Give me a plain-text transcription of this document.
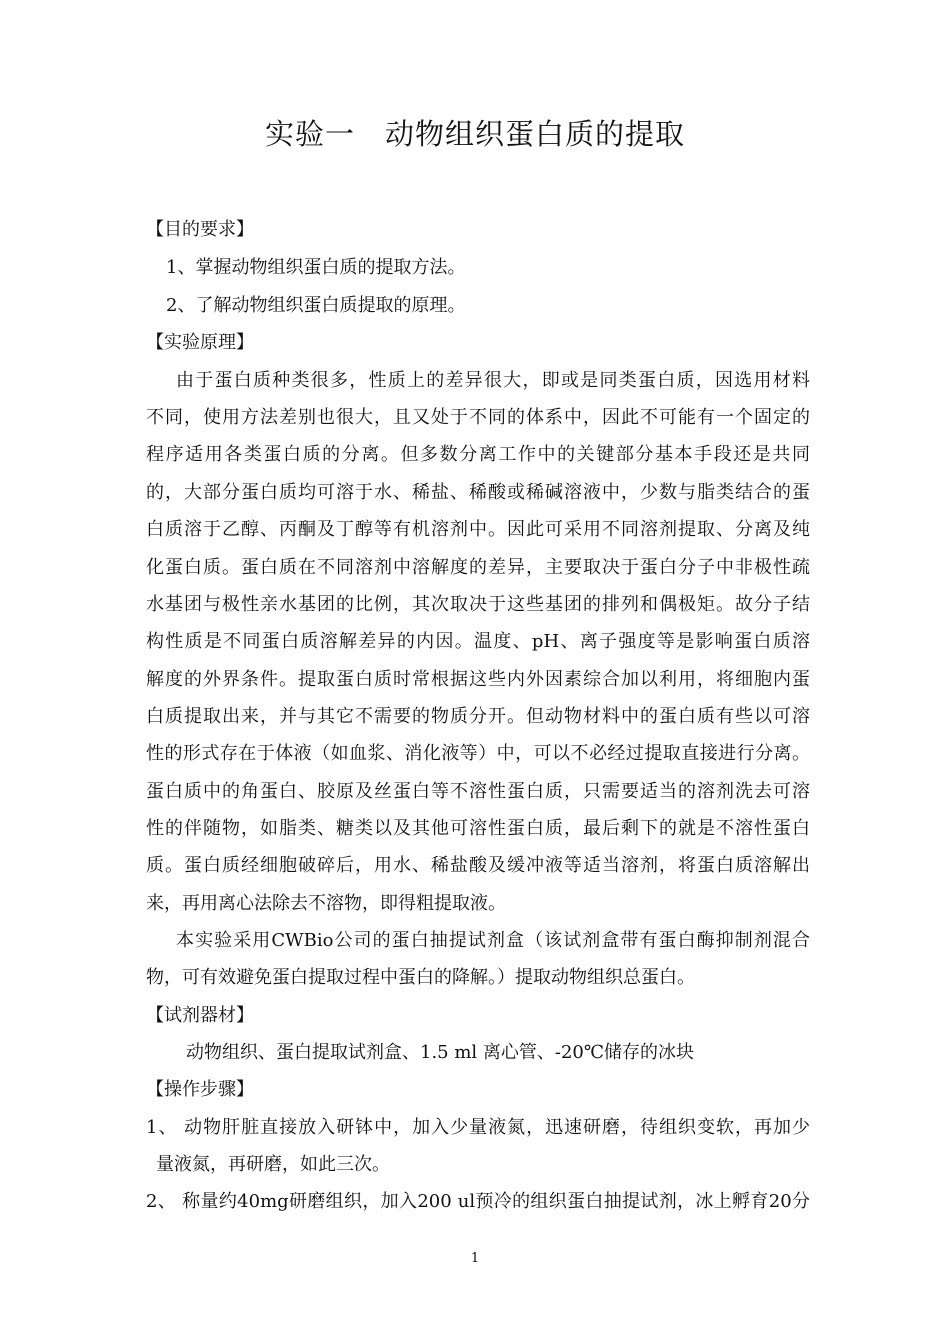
实验一　动物组织蛋白质的提取
【目的要求】
1、掌握动物组织蛋白质的提取方法。
2、了解动物组织蛋白质提取的原理。
【实验原理】
由于蛋白质种类很多，性质上的差异很大，即或是同类蛋白质，因选用材料
不同，使用方法差别也很大，且又处于不同的体系中，因此不可能有一个固定的
程序适用各类蛋白质的分离。但多数分离工作中的关键部分基本手段还是共同
的，大部分蛋白质均可溶于水、稀盐、稀酸或稀碱溶液中，少数与脂类结合的蛋
白质溶于乙醇、丙酮及丁醇等有机溶剂中。因此可采用不同溶剂提取、分离及纯
化蛋白质。蛋白质在不同溶剂中溶解度的差异，主要取决于蛋白分子中非极性疏
水基团与极性亲水基团的比例，其次取决于这些基团的排列和偶极矩。故分子结
构性质是不同蛋白质溶解差异的内因。温度、pH、离子强度等是影响蛋白质溶
解度的外界条件。提取蛋白质时常根据这些内外因素综合加以利用，将细胞内蛋
白质提取出来，并与其它不需要的物质分开。但动物材料中的蛋白质有些以可溶
性的形式存在于体液（如血浆、消化液等）中，可以不必经过提取直接进行分离。
蛋白质中的角蛋白、胶原及丝蛋白等不溶性蛋白质，只需要适当的溶剂洗去可溶
性的伴随物，如脂类、糖类以及其他可溶性蛋白质，最后剩下的就是不溶性蛋白
质。蛋白质经细胞破碎后，用水、稀盐酸及缓冲液等适当溶剂，将蛋白质溶解出
来，再用离心法除去不溶物，即得粗提取液。
本实验采用CWBio公司的蛋白抽提试剂盒（该试剂盒带有蛋白酶抑制剂混合
物，可有效避免蛋白提取过程中蛋白的降解。）提取动物组织总蛋白。
【试剂器材】
动物组织、蛋白提取试剂盒、1.5 ml 离心管、-20℃储存的冰块
【操作步骤】
1、 动物肝脏直接放入研钵中，加入少量液氮，迅速研磨，待组织变软，再加少
量液氮，再研磨，如此三次。
2、 称量约40mg研磨组织，加入200 ul预冷的组织蛋白抽提试剂，冰上孵育20分
1
